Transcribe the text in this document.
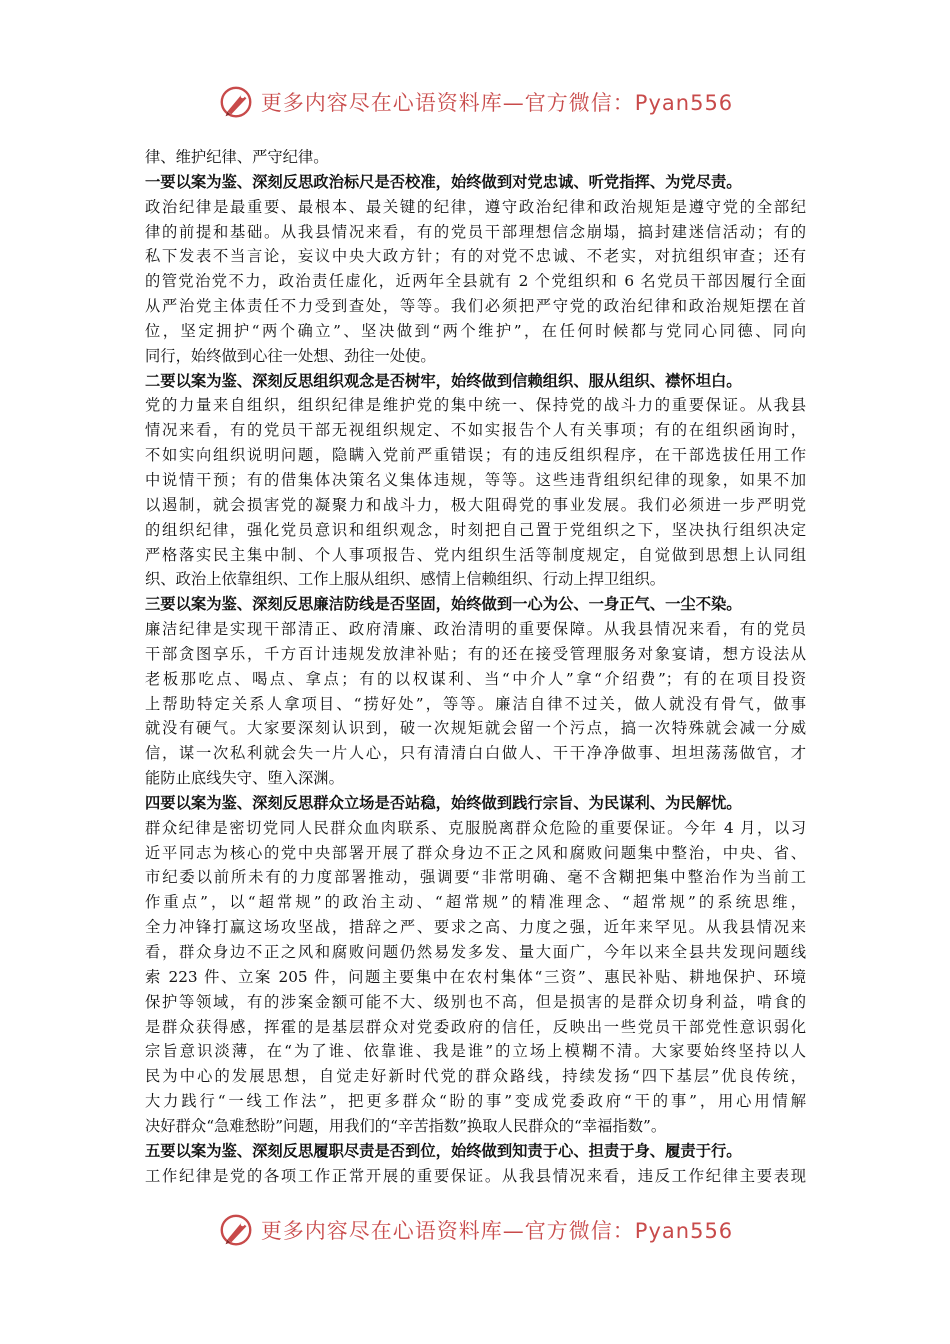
更多内容尽在心语资料库—官方微信：Pyan556
律、维护纪律、严守纪律。
一要以案为鉴、深刻反思政治标尺是否校准，始终做到对党忠诚、听党指挥、为党尽责。
政治纪律是最重要、最根本、最关键的纪律，遵守政治纪律和政治规矩是遵守党的全部纪
律的前提和基础。从我县情况来看，有的党员干部理想信念崩塌，搞封建迷信活动；有的
私下发表不当言论，妄议中央大政方针；有的对党不忠诚、不老实，对抗组织审查；还有
的管党治党不力，政治责任虚化，近两年全县就有 2 个党组织和 6 名党员干部因履行全面
从严治党主体责任不力受到查处，等等。我们必须把严守党的政治纪律和政治规矩摆在首
位，坚定拥护“两个确立”、坚决做到“两个维护”，在任何时候都与党同心同德、同向
同行，始终做到心往一处想、劲往一处使。
二要以案为鉴、深刻反思组织观念是否树牢，始终做到信赖组织、服从组织、襟怀坦白。
党的力量来自组织，组织纪律是维护党的集中统一、保持党的战斗力的重要保证。从我县
情况来看，有的党员干部无视组织规定、不如实报告个人有关事项；有的在组织函询时，
不如实向组织说明问题，隐瞒入党前严重错误；有的违反组织程序，在干部选拔任用工作
中说情干预；有的借集体决策名义集体违规，等等。这些违背组织纪律的现象，如果不加
以遏制，就会损害党的凝聚力和战斗力，极大阻碍党的事业发展。我们必须进一步严明党
的组织纪律，强化党员意识和组织观念，时刻把自己置于党组织之下，坚决执行组织决定
严格落实民主集中制、个人事项报告、党内组织生活等制度规定，自觉做到思想上认同组
织、政治上依靠组织、工作上服从组织、感情上信赖组织、行动上捍卫组织。
三要以案为鉴、深刻反思廉洁防线是否坚固，始终做到一心为公、一身正气、一尘不染。
廉洁纪律是实现干部清正、政府清廉、政治清明的重要保障。从我县情况来看，有的党员
干部贪图享乐，千方百计违规发放津补贴；有的还在接受管理服务对象宴请，想方设法从
老板那吃点、喝点、拿点；有的以权谋利、当“中介人”拿“介绍费”；有的在项目投资
上帮助特定关系人拿项目、“捞好处”，等等。廉洁自律不过关，做人就没有骨气，做事
就没有硬气。大家要深刻认识到，破一次规矩就会留一个污点，搞一次特殊就会减一分威
信，谋一次私利就会失一片人心，只有清清白白做人、干干净净做事、坦坦荡荡做官，才
能防止底线失守、堕入深渊。
四要以案为鉴、深刻反思群众立场是否站稳，始终做到践行宗旨、为民谋利、为民解忧。
群众纪律是密切党同人民群众血肉联系、克服脱离群众危险的重要保证。今年 4 月，以习
近平同志为核心的党中央部署开展了群众身边不正之风和腐败问题集中整治，中央、省、
市纪委以前所未有的力度部署推动，强调要“非常明确、毫不含糊把集中整治作为当前工
作重点”，以“超常规”的政治主动、“超常规”的精准理念、“超常规”的系统思维，
全力冲锋打赢这场攻坚战，措辞之严、要求之高、力度之强，近年来罕见。从我县情况来
看，群众身边不正之风和腐败问题仍然易发多发、量大面广，今年以来全县共发现问题线
索 223 件、立案 205 件，问题主要集中在农村集体“三资”、惠民补贴、耕地保护、环境
保护等领域，有的涉案金额可能不大、级别也不高，但是损害的是群众切身利益，啃食的
是群众获得感，挥霍的是基层群众对党委政府的信任，反映出一些党员干部党性意识弱化
宗旨意识淡薄，在“为了谁、依靠谁、我是谁”的立场上模糊不清。大家要始终坚持以人
民为中心的发展思想，自觉走好新时代党的群众路线，持续发扬“四下基层”优良传统，
大力践行“一线工作法”，把更多群众“盼的事”变成党委政府“干的事”，用心用情解
决好群众“急难愁盼”问题，用我们的“辛苦指数”换取人民群众的“幸福指数”。
五要以案为鉴、深刻反思履职尽责是否到位，始终做到知责于心、担责于身、履责于行。
工作纪律是党的各项工作正常开展的重要保证。从我县情况来看，违反工作纪律主要表现
更多内容尽在心语资料库—官方微信：Pyan556
